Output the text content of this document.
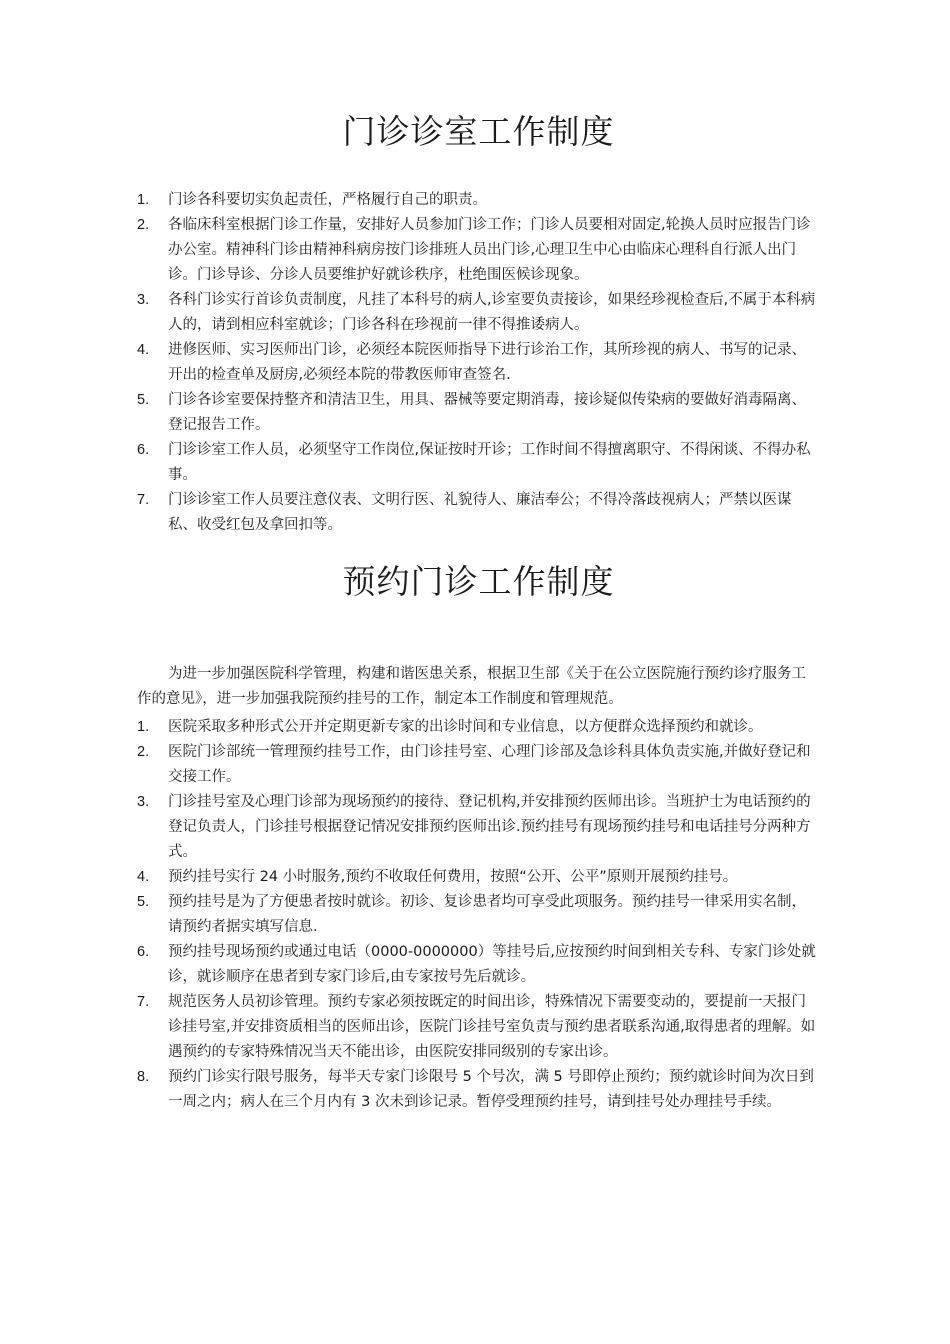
门诊诊室工作制度
1. 门诊各科要切实负起责任，严格履行自己的职责。
2. 各临床科室根据门诊工作量，安排好人员参加门诊工作；门诊人员要相对固定,轮换人员时应报告门诊办公室。精神科门诊由精神科病房按门诊排班人员出门诊,心理卫生中心由临床心理科自行派人出门诊。门诊导诊、分诊人员要维护好就诊秩序，杜绝围医候诊现象。
3. 各科门诊实行首诊负责制度，凡挂了本科号的病人,诊室要负责接诊，如果经珍视检查后,不属于本科病人的，请到相应科室就诊；门诊各科在珍视前一律不得推诿病人。
4. 进修医师、实习医师出门诊，必须经本院医师指导下进行诊治工作，其所珍视的病人、书写的记录、开出的检查单及厨房,必须经本院的带教医师审查签名.
5. 门诊各诊室要保持整齐和清洁卫生，用具、器械等要定期消毒，接诊疑似传染病的要做好消毒隔离、登记报告工作。
6. 门诊诊室工作人员，必须坚守工作岗位,保证按时开诊；工作时间不得擅离职守、不得闲谈、不得办私事。
7. 门诊诊室工作人员要注意仪表、文明行医、礼貌待人、廉洁奉公；不得冷落歧视病人；严禁以医谋私、收受红包及拿回扣等。
预约门诊工作制度

为进一步加强医院科学管理，构建和谐医患关系，根据卫生部《关于在公立医院施行预约诊疗服务工作的意见》，进一步加强我院预约挂号的工作，制定本工作制度和管理规范。

1. 医院采取多种形式公开并定期更新专家的出诊时间和专业信息，以方便群众选择预约和就诊。
2. 医院门诊部统一管理预约挂号工作，由门诊挂号室、心理门诊部及急诊科具体负责实施,并做好登记和交接工作。
3. 门诊挂号室及心理门诊部为现场预约的接待、登记机构,并安排预约医师出诊。当班护士为电话预约的登记负责人，门诊挂号根据登记情况安排预约医师出诊.预约挂号有现场预约挂号和电话挂号分两种方式。
4. 预约挂号实行 24 小时服务,预约不收取任何费用，按照“公开、公平”原则开展预约挂号。
5. 预约挂号是为了方便患者按时就诊。初诊、复诊患者均可享受此项服务。预约挂号一律采用实名制，请预约者据实填写信息.
6. 预约挂号现场预约或通过电话（0000-0000000）等挂号后,应按预约时间到相关专科、专家门诊处就诊，就诊顺序在患者到专家门诊后,由专家按号先后就诊。
7. 规范医务人员初诊管理。预约专家必须按既定的时间出诊，特殊情况下需要变动的，要提前一天报门诊挂号室,并安排资质相当的医师出诊，医院门诊挂号室负责与预约患者联系沟通,取得患者的理解。如遇预约的专家特殊情况当天不能出诊，由医院安排同级别的专家出诊。
8. 预约门诊实行限号服务，每半天专家门诊限号 5 个号次，满 5 号即停止预约；预约就诊时间为次日到一周之内；病人在三个月内有 3 次未到诊记录。暂停受理预约挂号，请到挂号处办理挂号手续。
